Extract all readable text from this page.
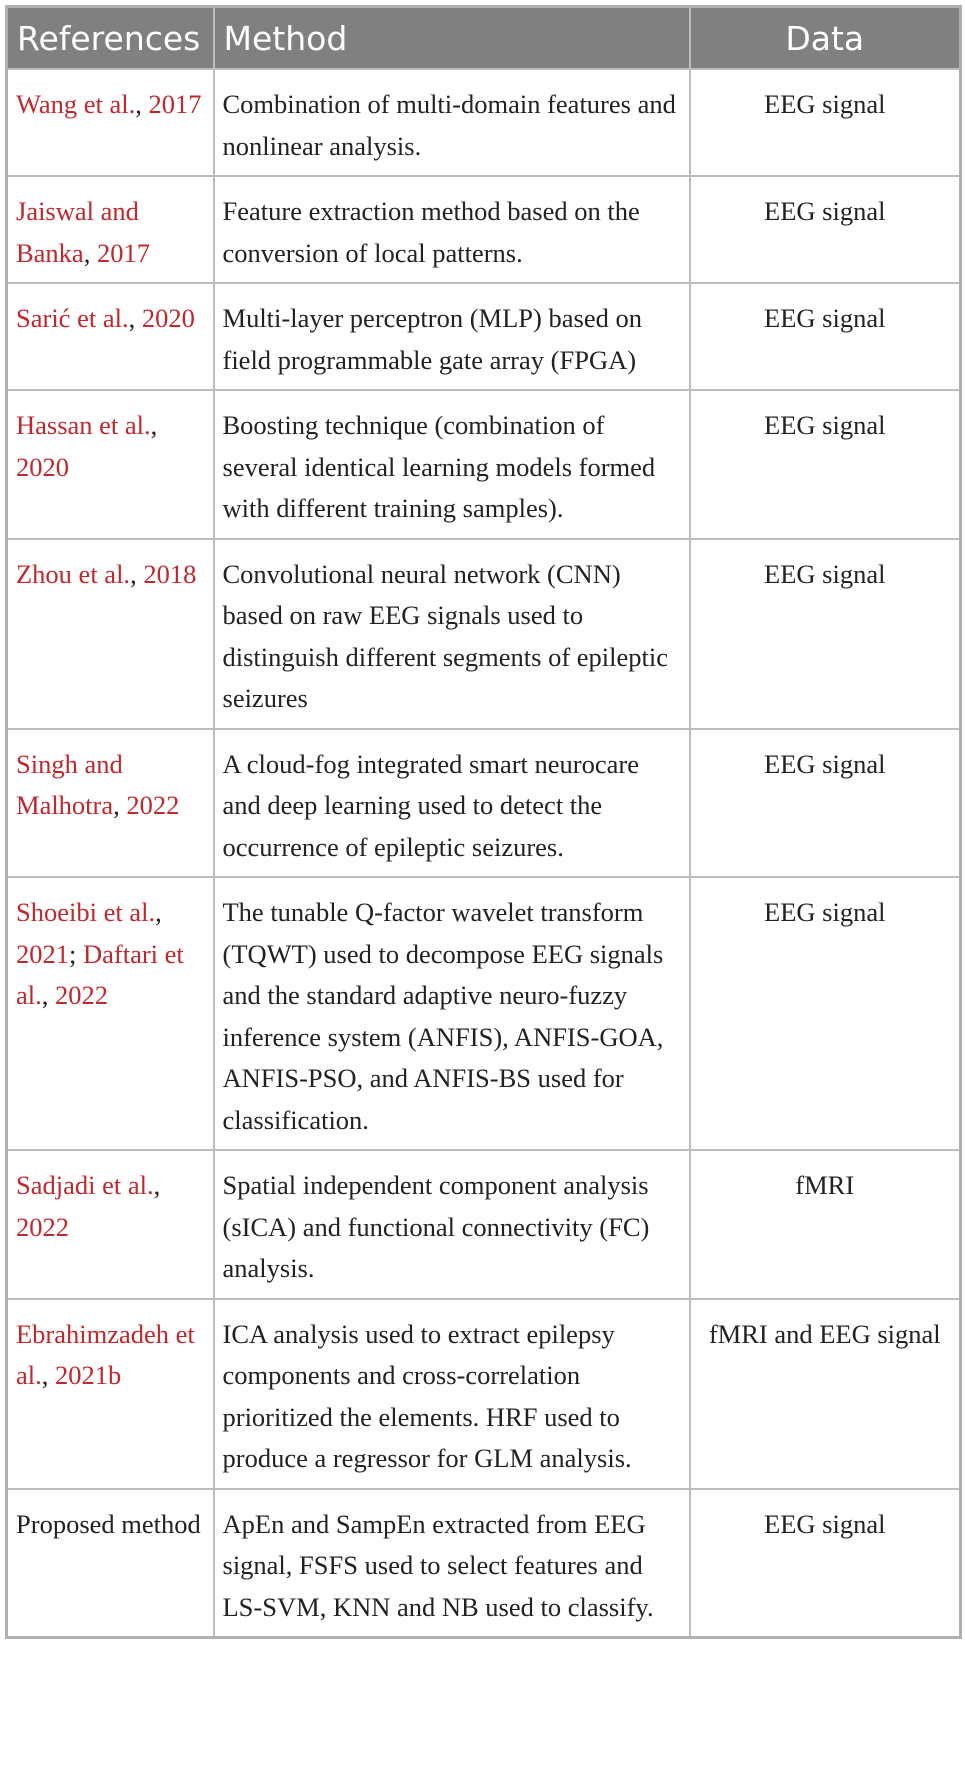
References	Method	Data
Wang et al., 2017	Combination of multi-domain features and nonlinear analysis.	EEG signal
Jaiswal and Banka, 2017	Feature extraction method based on the conversion of local patterns.	EEG signal
Sarić et al., 2020	Multi-layer perceptron (MLP) based on field programmable gate array (FPGA)	EEG signal
Hassan et al., 2020	Boosting technique (combination of several identical learning models formed with different training samples).	EEG signal
Zhou et al., 2018	Convolutional neural network (CNN) based on raw EEG signals used to distinguish different segments of epileptic seizures	EEG signal
Singh and Malhotra, 2022	A cloud-fog integrated smart neurocare and deep learning used to detect the occurrence of epileptic seizures.	EEG signal
Shoeibi et al., 2021; Daftari et al., 2022	The tunable Q-factor wavelet transform (TQWT) used to decompose EEG signals and the standard adaptive neuro-fuzzy inference system (ANFIS), ANFIS-GOA, ANFIS-PSO, and ANFIS-BS used for classification.	EEG signal
Sadjadi et al., 2022	Spatial independent component analysis (sICA) and functional connectivity (FC) analysis.	fMRI
Ebrahimzadeh et al., 2021b	ICA analysis used to extract epilepsy components and cross-correlation prioritized the elements. HRF used to produce a regressor for GLM analysis.	fMRI and EEG signal
Proposed method	ApEn and SampEn extracted from EEG signal, FSFS used to select features and LS-SVM, KNN and NB used to classify.	EEG signal
